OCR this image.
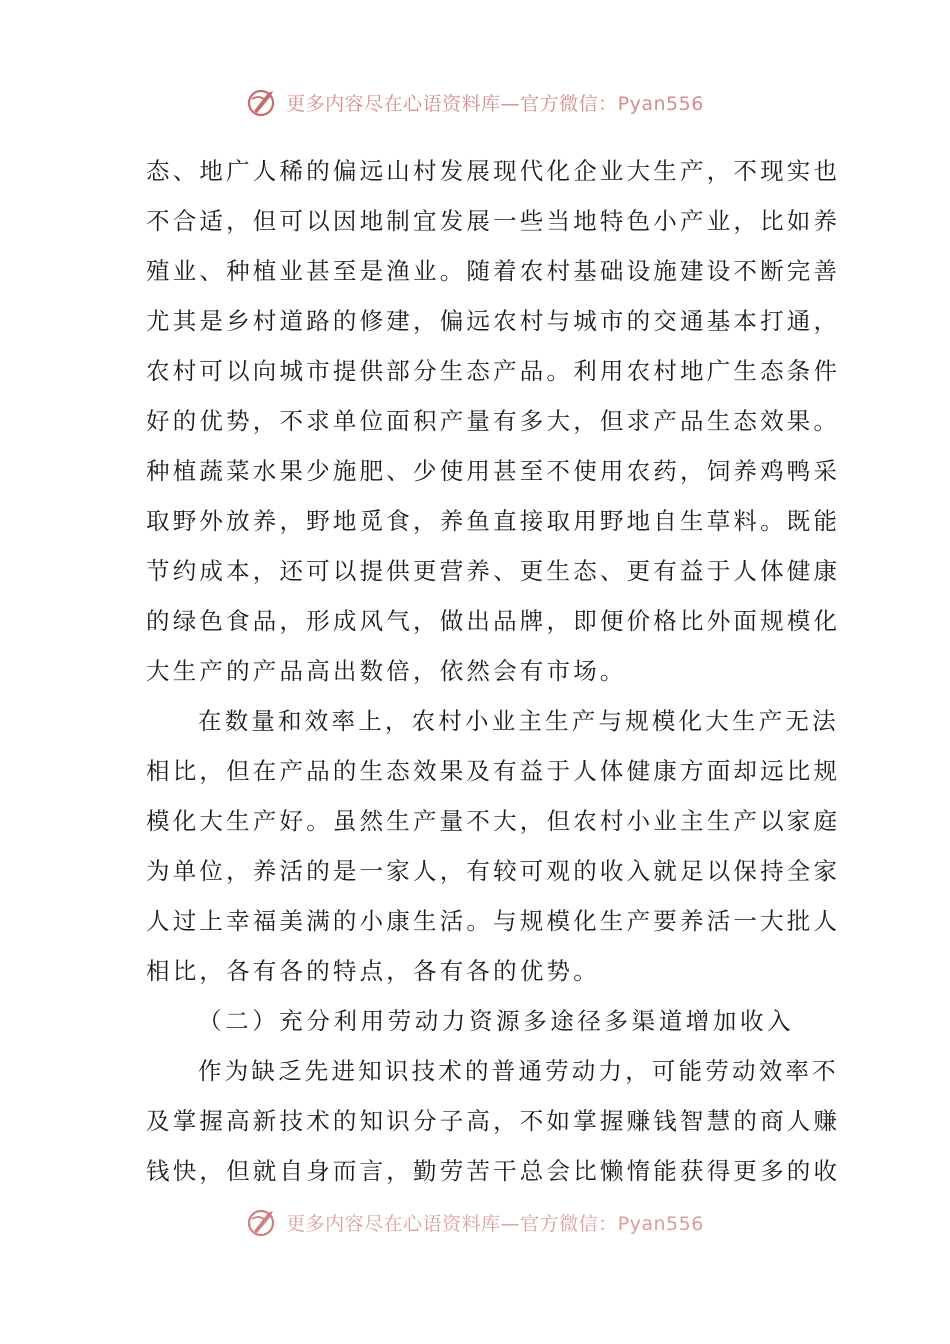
更多内容尽在心语资料库—官方微信：Pyan556
态、地广人稀的偏远山村发展现代化企业大生产，不现实也
不合适，但可以因地制宜发展一些当地特色小产业，比如养
殖业、种植业甚至是渔业。随着农村基础设施建设不断完善
尤其是乡村道路的修建，偏远农村与城市的交通基本打通，
农村可以向城市提供部分生态产品。利用农村地广生态条件
好的优势，不求单位面积产量有多大，但求产品生态效果。
种植蔬菜水果少施肥、少使用甚至不使用农药，饲养鸡鸭采
取野外放养，野地觅食，养鱼直接取用野地自生草料。既能
节约成本，还可以提供更营养、更生态、更有益于人体健康
的绿色食品，形成风气，做出品牌，即便价格比外面规模化
大生产的产品高出数倍，依然会有市场。
在数量和效率上，农村小业主生产与规模化大生产无法
相比，但在产品的生态效果及有益于人体健康方面却远比规
模化大生产好。虽然生产量不大，但农村小业主生产以家庭
为单位，养活的是一家人，有较可观的收入就足以保持全家
人过上幸福美满的小康生活。与规模化生产要养活一大批人
相比，各有各的特点，各有各的优势。
（二）充分利用劳动力资源多途径多渠道增加收入
作为缺乏先进知识技术的普通劳动力，可能劳动效率不
及掌握高新技术的知识分子高，不如掌握赚钱智慧的商人赚
钱快，但就自身而言，勤劳苦干总会比懒惰能获得更多的收
更多内容尽在心语资料库—官方微信：Pyan556
